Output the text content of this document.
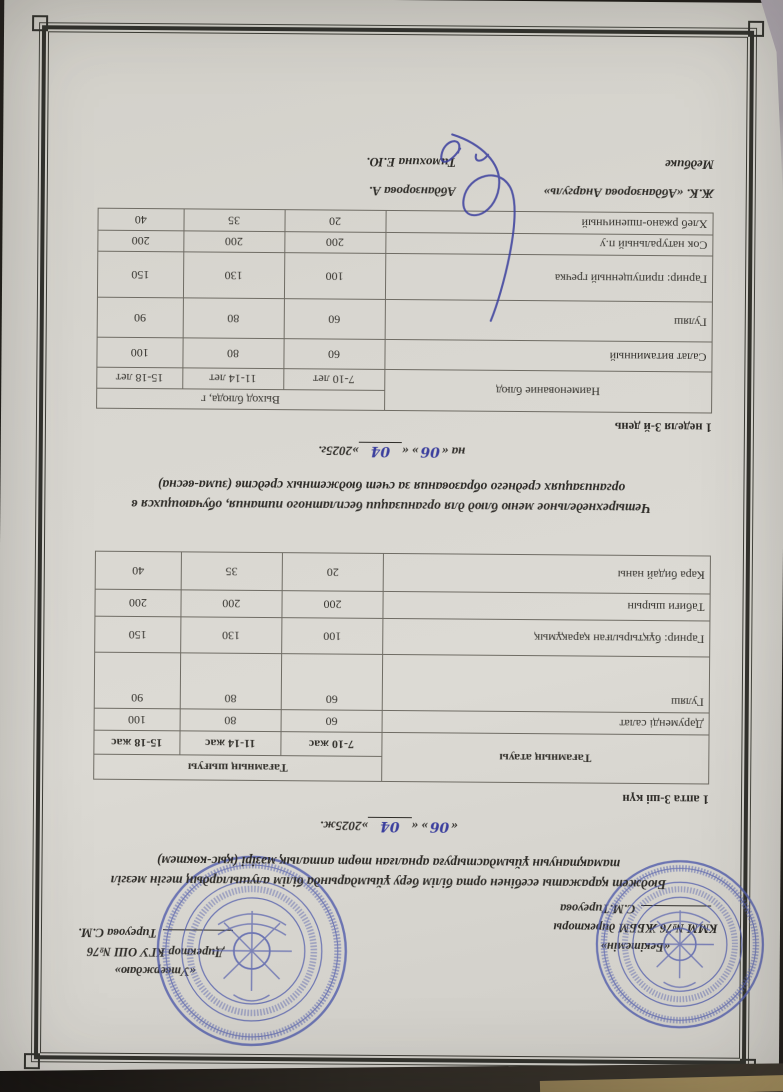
«Бекітемін»
КММ №76 ЖББМ директоры
С.М.Тиреуова
«Утверждаю»
Директор КГУ ОШ №76
Тиреуова С.М.
Бюджет қаражаты есебінен орта білім беру ұйымдарында білім алушылардың тегін мезгіл
тамақтануын ұйымдастыруға арналған төрт апталық мәзірі (қыс-көктем)
«06» «04»2025ж.
1 апта 3-ші күн
Тағамның атауы	Тағамның шығуы		
	7-10 жас	11-14 жас	15-18 жас
Дәруменді салат	60	80	100
Гуляш	60	80	90
Гарнир: бұқтырылған қарақұмық	100	130	150
Табиғи шырын	200	200	200
Кара бидай наны	20	35	40
Четырехнедельное меню блюд для организации бесплатного питания, обучающихся в
организациях среднего образования за счет бюджетных средств (зима-весна)
на «06» «04»2025г.
1 неделя 3-й день
Наименование блюд	Выход блюда, г		
	7-10 лет	11-14 лет	15-18 лет
Салат витаминный	60	80	100
Гуляш	60	80	90
Гарнир: припущенный гречка	100	130	150
Сок натуральный п.у	200	200	200
Хлеб ржано-пшеничный	20	35	40
Ж.К. «Абданзорова Анаргуль»
Абданзорова А.
Медбике
Тимохина Е.Ю.
